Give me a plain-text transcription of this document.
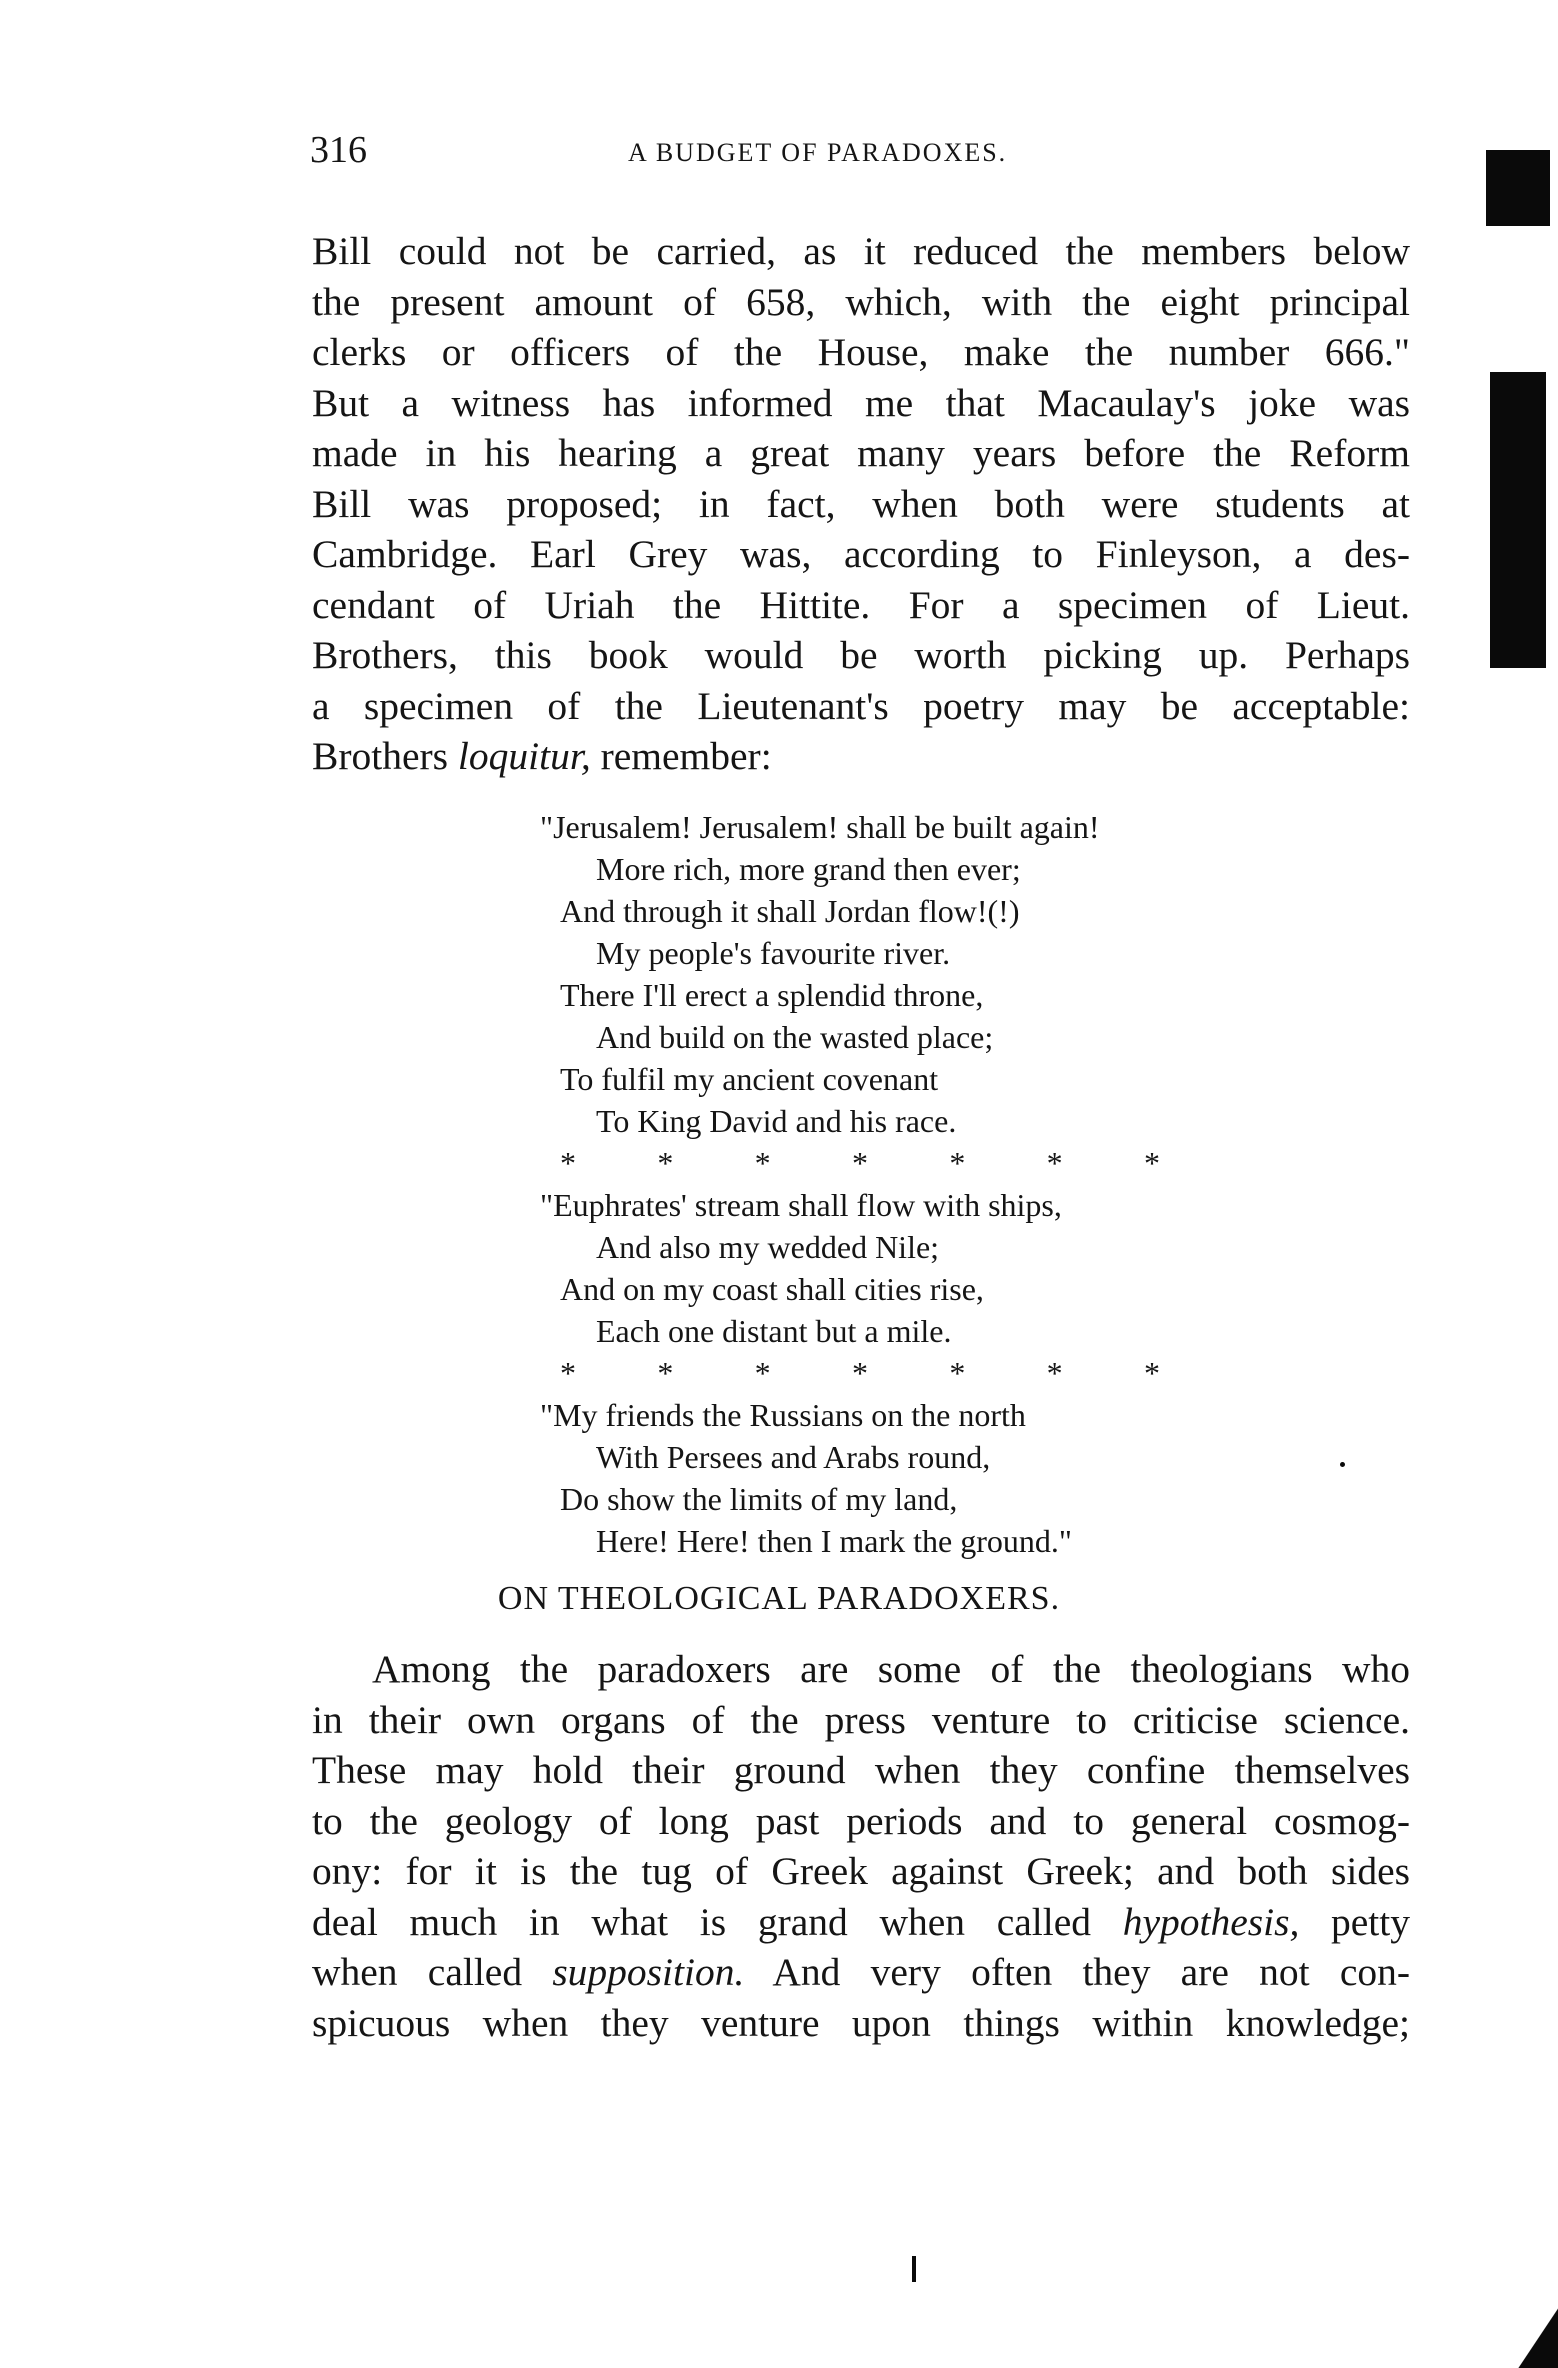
316	A BUDGET OF PARADOXES.
Bill could not be carried, as it reduced the members below
the present amount of 658, which, with the eight principal
clerks or officers of the House, make the number 666."
But a witness has informed me that Macaulay's joke was
made in his hearing a great many years before the Reform
Bill was proposed; in fact, when both were students at
Cambridge. Earl Grey was, according to Finleyson, a des-
cendant of Uriah the Hittite. For a specimen of Lieut.
Brothers, this book would be worth picking up. Perhaps
a specimen of the Lieutenant's poetry may be acceptable:
Brothers loquitur, remember:
"Jerusalem! Jerusalem! shall be built again!
More rich, more grand then ever;
And through it shall Jordan flow!(!)
My people's favourite river.
There I'll erect a splendid throne,
And build on the wasted place;
To fulfil my ancient covenant
To King David and his race.
*	*	*	*	*	*	*
"Euphrates' stream shall flow with ships,
And also my wedded Nile;
And on my coast shall cities rise,
Each one distant but a mile.
*	*	*	*	*	*	*
"My friends the Russians on the north
With Persees and Arabs round,
Do show the limits of my land,
Here! Here! then I mark the ground."
ON THEOLOGICAL PARADOXERS.
Among the paradoxers are some of the theologians who
in their own organs of the press venture to criticise science.
These may hold their ground when they confine themselves
to the geology of long past periods and to general cosmog-
ony: for it is the tug of Greek against Greek; and both sides
deal much in what is grand when called hypothesis, petty
when called supposition. And very often they are not con-
spicuous when they venture upon things within knowledge;
